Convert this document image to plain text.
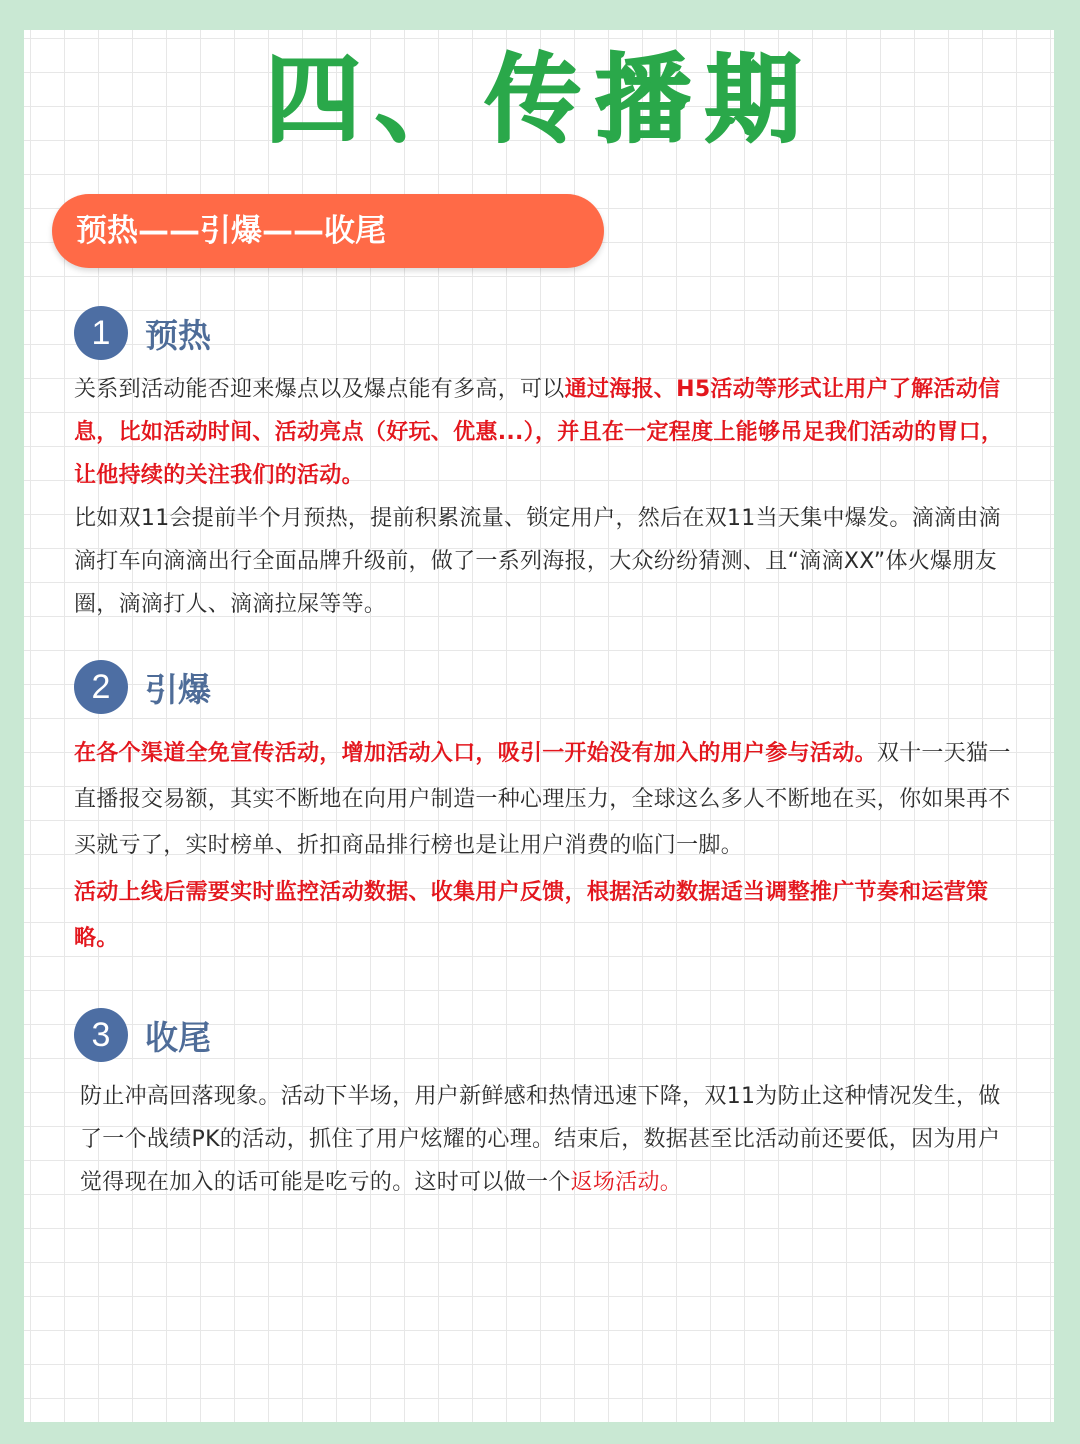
四、传播期
预热——引爆——收尾
1	预热
关系到活动能否迎来爆点以及爆点能有多高，可以通过海报、H5活动等形式让用户了解活动信息，比如活动时间、活动亮点（好玩、优惠...），并且在一定程度上能够吊足我们活动的胃口，让他持续的关注我们的活动。
比如双11会提前半个月预热，提前积累流量、锁定用户，然后在双11当天集中爆发。滴滴由滴滴打车向滴滴出行全面品牌升级前，做了一系列海报，大众纷纷猜测、且“滴滴XX”体火爆朋友圈，滴滴打人、滴滴拉屎等等。
2	引爆
在各个渠道全免宣传活动，增加活动入口，吸引一开始没有加入的用户参与活动。双十一天猫一直播报交易额，其实不断地在向用户制造一种心理压力，全球这么多人不断地在买，你如果再不买就亏了，实时榜单、折扣商品排行榜也是让用户消费的临门一脚。
活动上线后需要实时监控活动数据、收集用户反馈，根据活动数据适当调整推广节奏和运营策略。
3	收尾
防止冲高回落现象。活动下半场，用户新鲜感和热情迅速下降，双11为防止这种情况发生，做了一个战绩PK的活动，抓住了用户炫耀的心理。结束后，数据甚至比活动前还要低，因为用户觉得现在加入的话可能是吃亏的。这时可以做一个返场活动。
